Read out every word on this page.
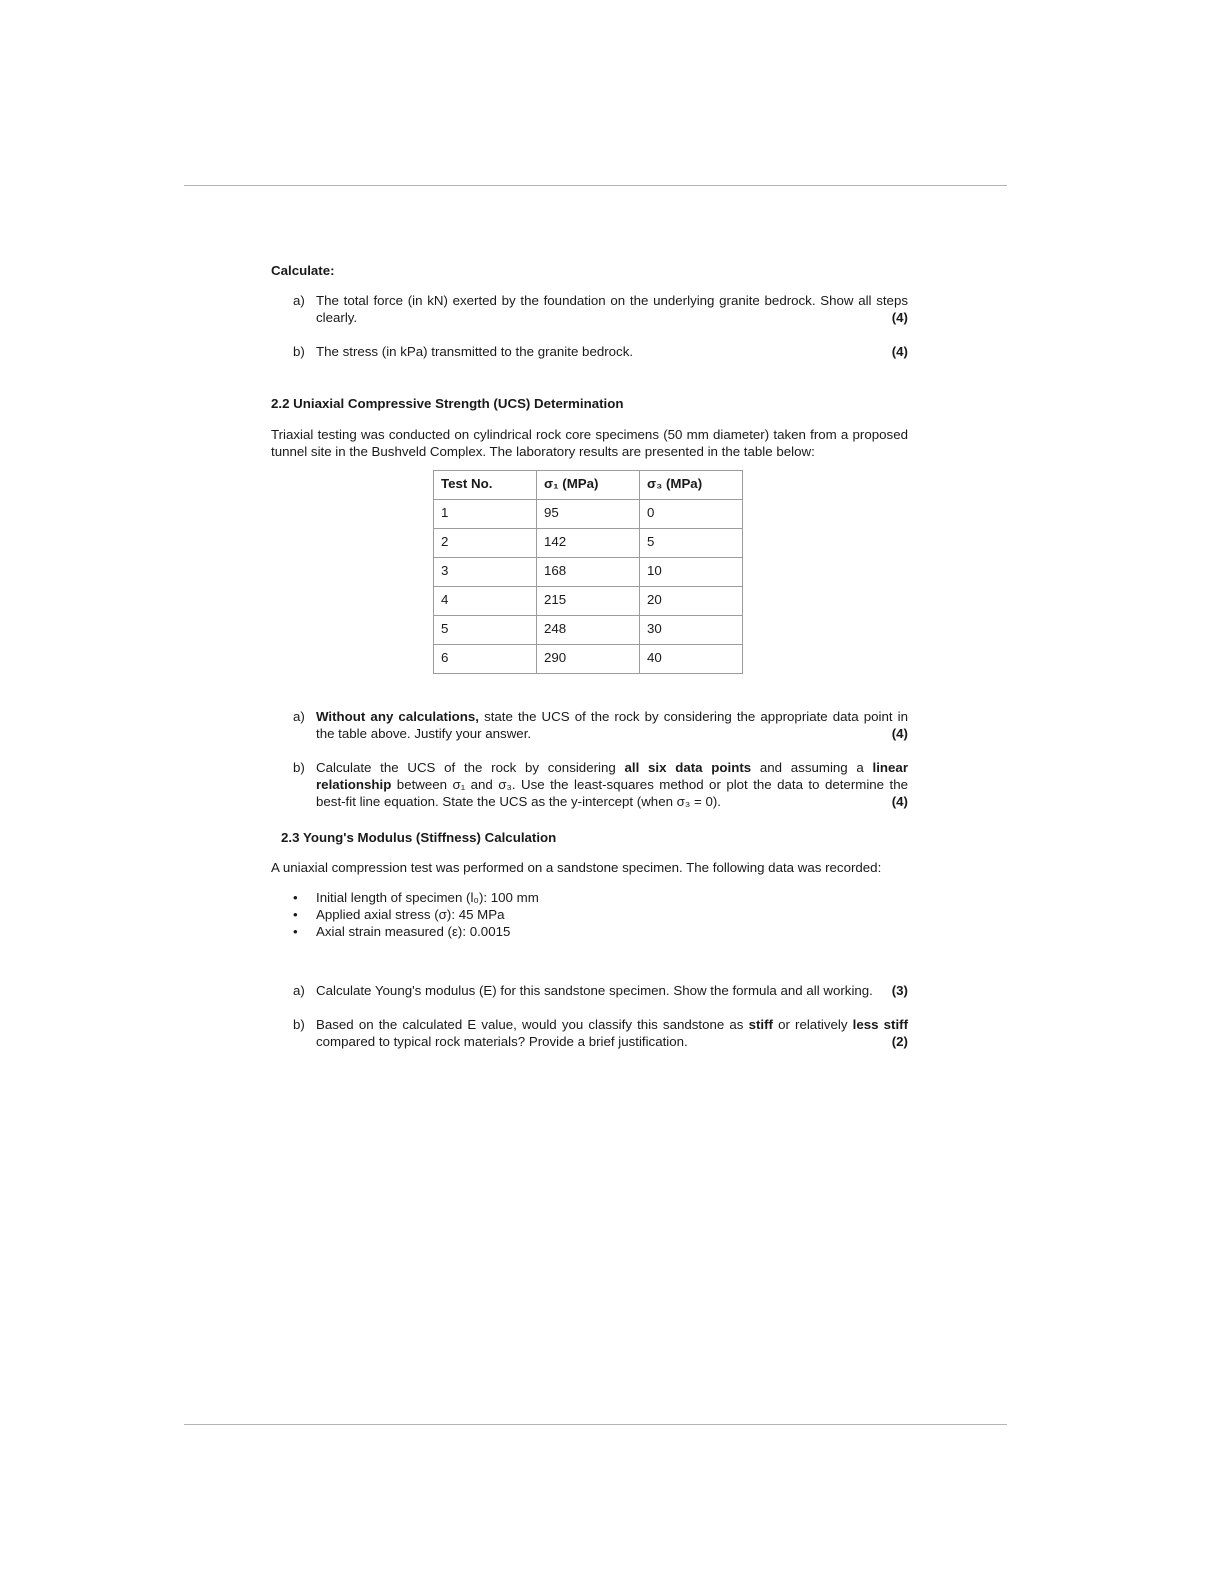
Calculate:

a) The total force (in kN) exerted by the foundation on the underlying granite bedrock. Show all steps clearly.	(4)
b) The stress (in kPa) transmitted to the granite bedrock.	(4)

2.2 Uniaxial Compressive Strength (UCS) Determination

Triaxial testing was conducted on cylindrical rock core specimens (50 mm diameter) taken from a proposed tunnel site in the Bushveld Complex. The laboratory results are presented in the table below:

Test No.	σ₁ (MPa)	σ₃ (MPa)
1	95	0
2	142	5
3	168	10
4	215	20
5	248	30
6	290	40
a) Without any calculations, state the UCS of the rock by considering the appropriate data point in the table above. Justify your answer.	(4)
b) Calculate the UCS of the rock by considering all six data points and assuming a linear relationship between σ₁ and σ₃. Use the least-squares method or plot the data to determine the best-fit line equation. State the UCS as the y-intercept (when σ₃ = 0).	(4)

2.3 Young's Modulus (Stiffness) Calculation

A uniaxial compression test was performed on a sandstone specimen. The following data was recorded:

•	Initial length of specimen (l₀): 100 mm
•	Applied axial stress (σ): 45 MPa
•	Axial strain measured (ε): 0.0015
a) Calculate Young's modulus (E) for this sandstone specimen. Show the formula and all working. (3)
b) Based on the calculated E value, would you classify this sandstone as stiff or relatively less stiff compared to typical rock materials? Provide a brief justification.	(2)
